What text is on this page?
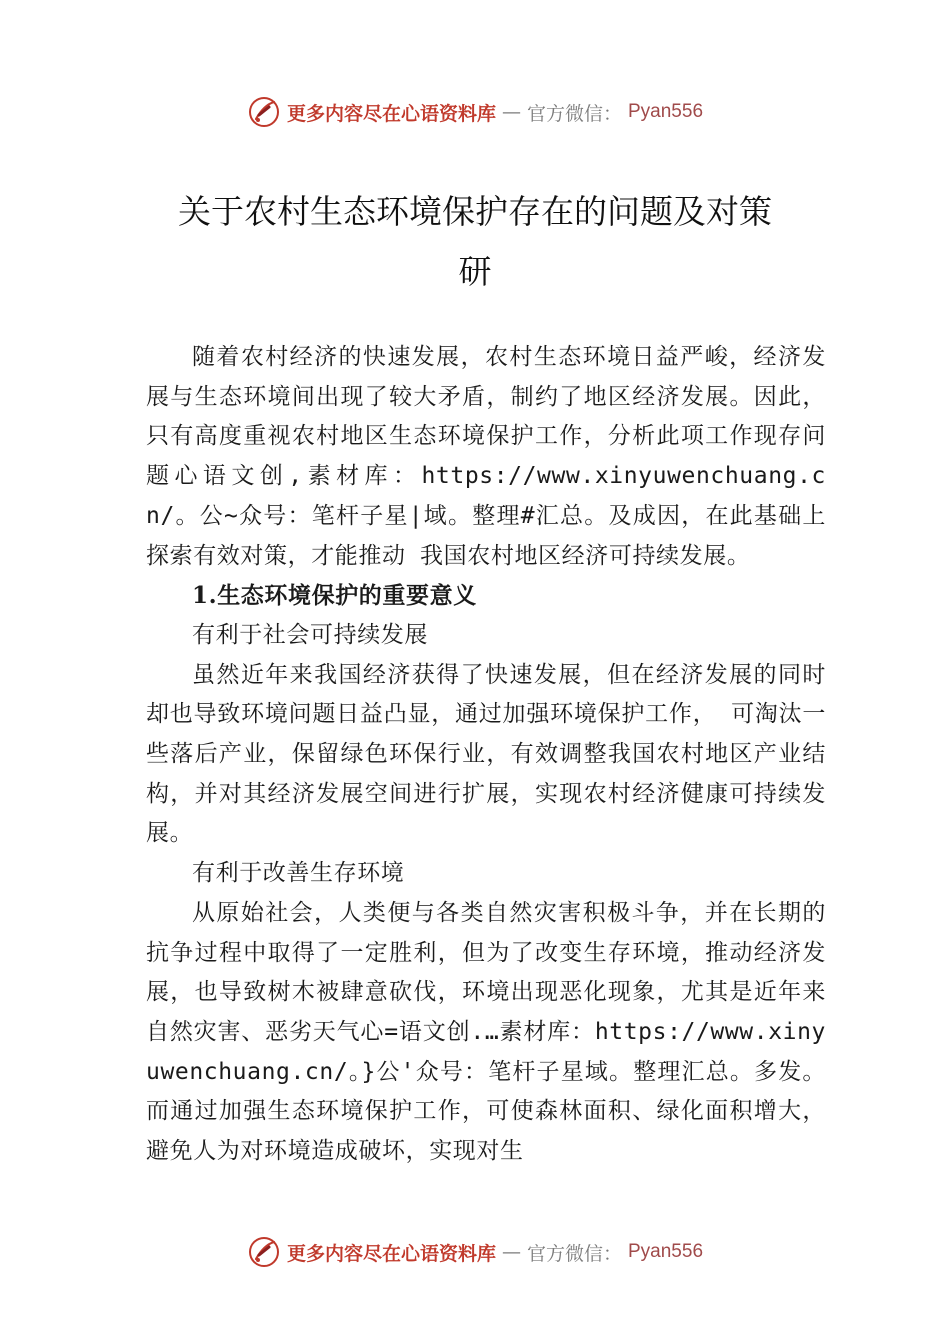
更多内容尽在心语资料库 — 官方微信： Pyan556
关于农村生态环境保护存在的问题及对策
研

随着农村经济的快速发展，农村生态环境日益严峻，经济发展与生态环境间出现了较大矛盾，制约了地区经济发展。因此，只有高度重视农村地区生态环境保护工作，分析此项工作现存问题心语文创,素材库：https://www.xinyuwenchuang.cn/。公~众号：笔杆子星|域。整理#汇总。及成因，在此基础上探索有效对策，才能推动 我国农村地区经济可持续发展。

1.生态环境保护的重要意义

有利于社会可持续发展

虽然近年来我国经济获得了快速发展，但在经济发展的同时却也导致环境问题日益凸显，通过加强环境保护工作， 可淘汰一些落后产业，保留绿色环保行业，有效调整我国农村地区产业结构，并对其经济发展空间进行扩展，实现农村经济健康可持续发展。

有利于改善生存环境

从原始社会，人类便与各类自然灾害积极斗争，并在长期的抗争过程中取得了一定胜利，但为了改变生存环境，推动经济发展，也导致树木被肆意砍伐，环境出现恶化现象，尤其是近年来自然灾害、恶劣天气心=语文创.…素材库：https://www.xinyuwenchuang.cn/。}公'众号：笔杆子星域。整理汇总。多发。而通过加强生态环境保护工作，可使森林面积、绿化面积增大，避免人为对环境造成破坏，实现对生

更多内容尽在心语资料库 — 官方微信： Pyan556
